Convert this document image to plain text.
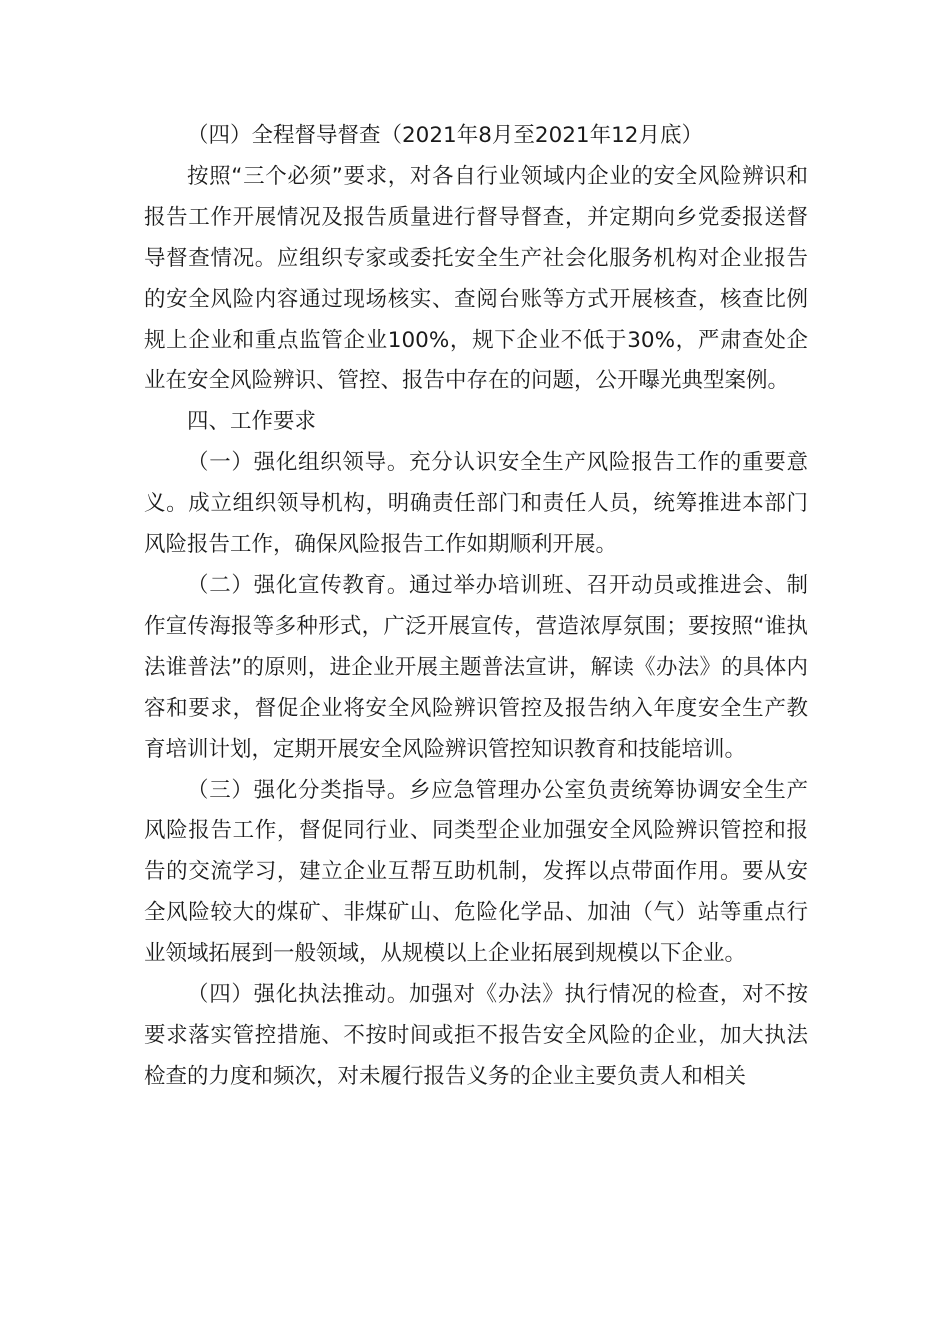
（四）全程督导督查（2021年8月至2021年12月底）

按照“三个必须”要求，对各自行业领域内企业的安全风险辨识和报告工作开展情况及报告质量进行督导督查，并定期向乡党委报送督导督查情况。应组织专家或委托安全生产社会化服务机构对企业报告的安全风险内容通过现场核实、查阅台账等方式开展核查，核查比例规上企业和重点监管企业100%，规下企业不低于30%，严肃查处企业在安全风险辨识、管控、报告中存在的问题，公开曝光典型案例。

四、工作要求

（一）强化组织领导。充分认识安全生产风险报告工作的重要意义。成立组织领导机构，明确责任部门和责任人员，统筹推进本部门风险报告工作，确保风险报告工作如期顺利开展。

（二）强化宣传教育。通过举办培训班、召开动员或推进会、制作宣传海报等多种形式，广泛开展宣传，营造浓厚氛围；要按照“谁执法谁普法”的原则，进企业开展主题普法宣讲，解读《办法》的具体内容和要求，督促企业将安全风险辨识管控及报告纳入年度安全生产教育培训计划，定期开展安全风险辨识管控知识教育和技能培训。

（三）强化分类指导。乡应急管理办公室负责统筹协调安全生产风险报告工作，督促同行业、同类型企业加强安全风险辨识管控和报告的交流学习，建立企业互帮互助机制，发挥以点带面作用。要从安全风险较大的煤矿、非煤矿山、危险化学品、加油（气）站等重点行业领域拓展到一般领域，从规模以上企业拓展到规模以下企业。

（四）强化执法推动。加强对《办法》执行情况的检查，对不按要求落实管控措施、不按时间或拒不报告安全风险的企业，加大执法检查的力度和频次，对未履行报告义务的企业主要负责人和相关
